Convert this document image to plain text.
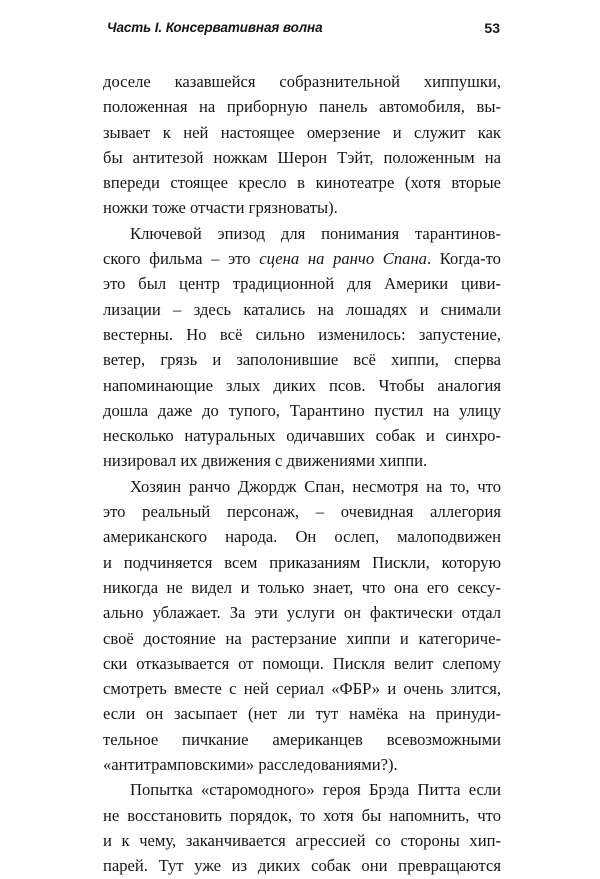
Часть I. Консервативная волна	53
доселе казавшейся собразнительной хиппушки,
положенная на приборную панель автомобиля, вы-
зывает к ней настоящее омерзение и служит как
бы антитезой ножкам Шерон Тэйт, положенным на
впереди стоящее кресло в кинотеатре (хотя вторые
ножки тоже отчасти грязноваты).
Ключевой эпизод для понимания тарантинов-
ского фильма – это сцена на ранчо Спана. Когда-то
это был центр традиционной для Америки циви-
лизации – здесь катались на лошадях и снимали
вестерны. Но всё сильно изменилось: запустение,
ветер, грязь и заполонившие всё хиппи, сперва
напоминающие злых диких псов. Чтобы аналогия
дошла даже до тупого, Тарантино пустил на улицу
несколько натуральных одичавших собак и синхро-
низировал их движения с движениями хиппи.
Хозяин ранчо Джордж Спан, несмотря на то, что
это реальный персонаж, – очевидная аллегория
американского народа. Он ослеп, малоподвижен
и подчиняется всем приказаниям Пискли, которую
никогда не видел и только знает, что она его сексу-
ально ублажает. За эти услуги он фактически отдал
своё достояние на растерзание хиппи и категориче-
ски отказывается от помощи. Пискля велит слепому
смотреть вместе с ней сериал «ФБР» и очень злится,
если он засыпает (нет ли тут намёка на принуди-
тельное пичкание американцев всевозможными
«антитрамповскими» расследованиями?).
Попытка «старомодного» героя Брэда Питта если
не восстановить порядок, то хотя бы напомнить, что
и к чему, заканчивается агрессией со стороны хип-
парей. Тут уже из диких собак они превращаются
